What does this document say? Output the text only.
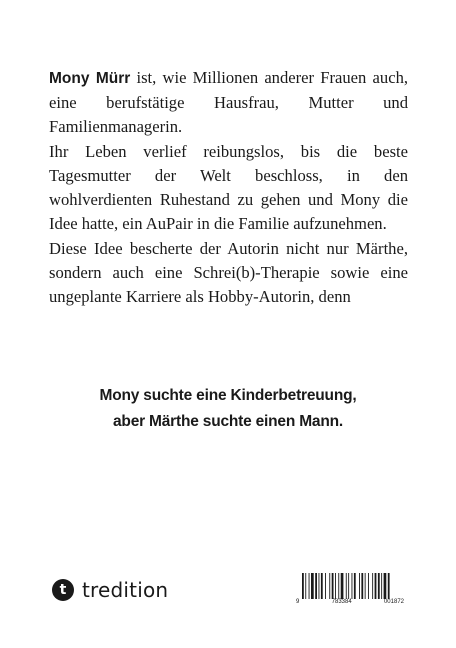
Mony Mürr ist, wie Millionen anderer Frauen auch, eine berufstätige Hausfrau, Mutter und Familienmanagerin.

Ihr Leben verlief reibungslos, bis die beste Tagesmutter der Welt beschloss, in den wohlverdienten Ruhestand zu gehen und Mony die Idee hatte, ein AuPair in die Familie aufzunehmen.

Diese Idee bescherte der Autorin nicht nur Märthe, sondern auch eine Schrei(b)-Therapie sowie eine ungeplante Karriere als Hobby-Autorin, denn

Mony suchte eine Kinderbetreuung,
aber Märthe suchte einen Mann.
t tredition	9	783384	001872
